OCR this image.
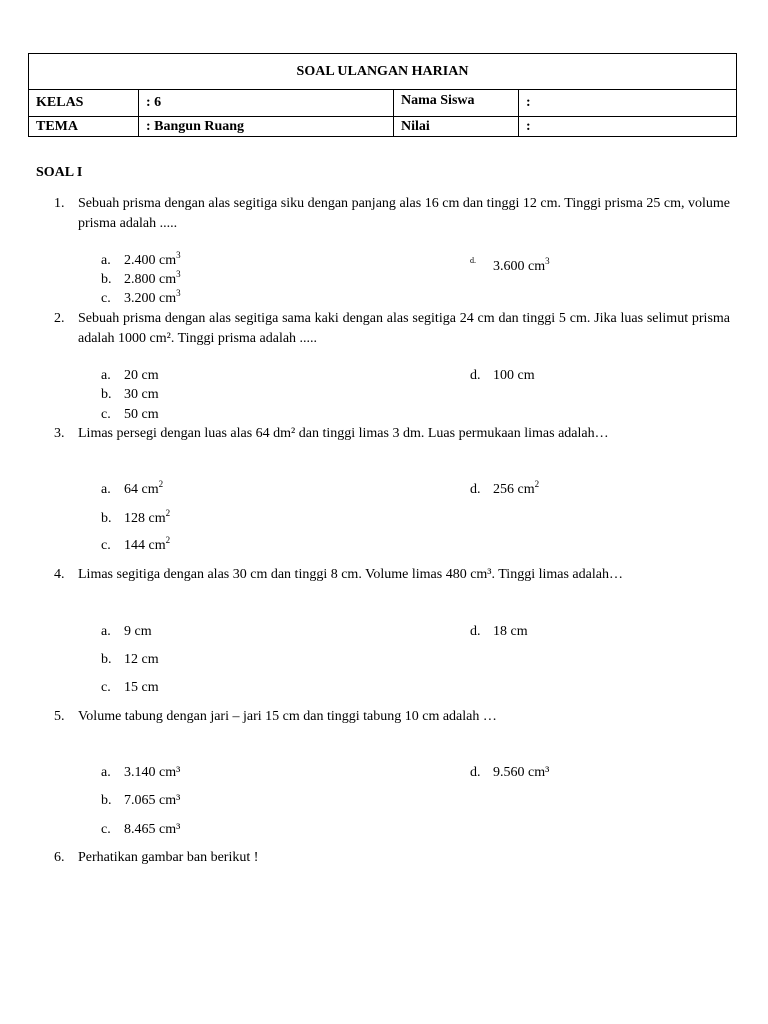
SOAL ULANGAN HARIAN			
KELAS	: 6	Nama Siswa	:
TEMA	: Bangun Ruang	Nilai	:
SOAL I
1. Sebuah prisma dengan alas segitiga siku dengan panjang alas 16 cm dan tinggi 12 cm. Tinggi prisma 25 cm, volume prisma adalah .....
a. 2.400 $cm^3$
b. 2.800 $cm^3$
c. 3.200 $cm^3$
d. 3.600 $cm^3$
2. Sebuah prisma dengan alas segitiga sama kaki dengan alas segitiga 24 cm dan tinggi 5 cm. Jika luas selimut prisma adalah 1000 cm². Tinggi prisma adalah .....
a. 20 cm
b. 30 cm
c. 50 cm
d. 100 cm
3. Limas persegi dengan luas alas 64 dm² dan tinggi limas 3 dm. Luas permukaan limas adalah…
a. 64 $cm^2$
b. 128 $cm^2$
c. 144 $cm^2$
d. 256 $cm^2$
4. Limas segitiga dengan alas 30 cm dan tinggi 8 cm. Volume limas 480 cm³. Tinggi limas adalah…
a. 9 cm
b. 12 cm
c. 15 cm
d. 18 cm
5. Volume tabung dengan jari – jari 15 cm dan tinggi tabung 10 cm adalah …
a. 3.140 cm³
b. 7.065 cm³
c. 8.465 cm³
d. 9.560 cm³
6. Perhatikan gambar ban berikut !
